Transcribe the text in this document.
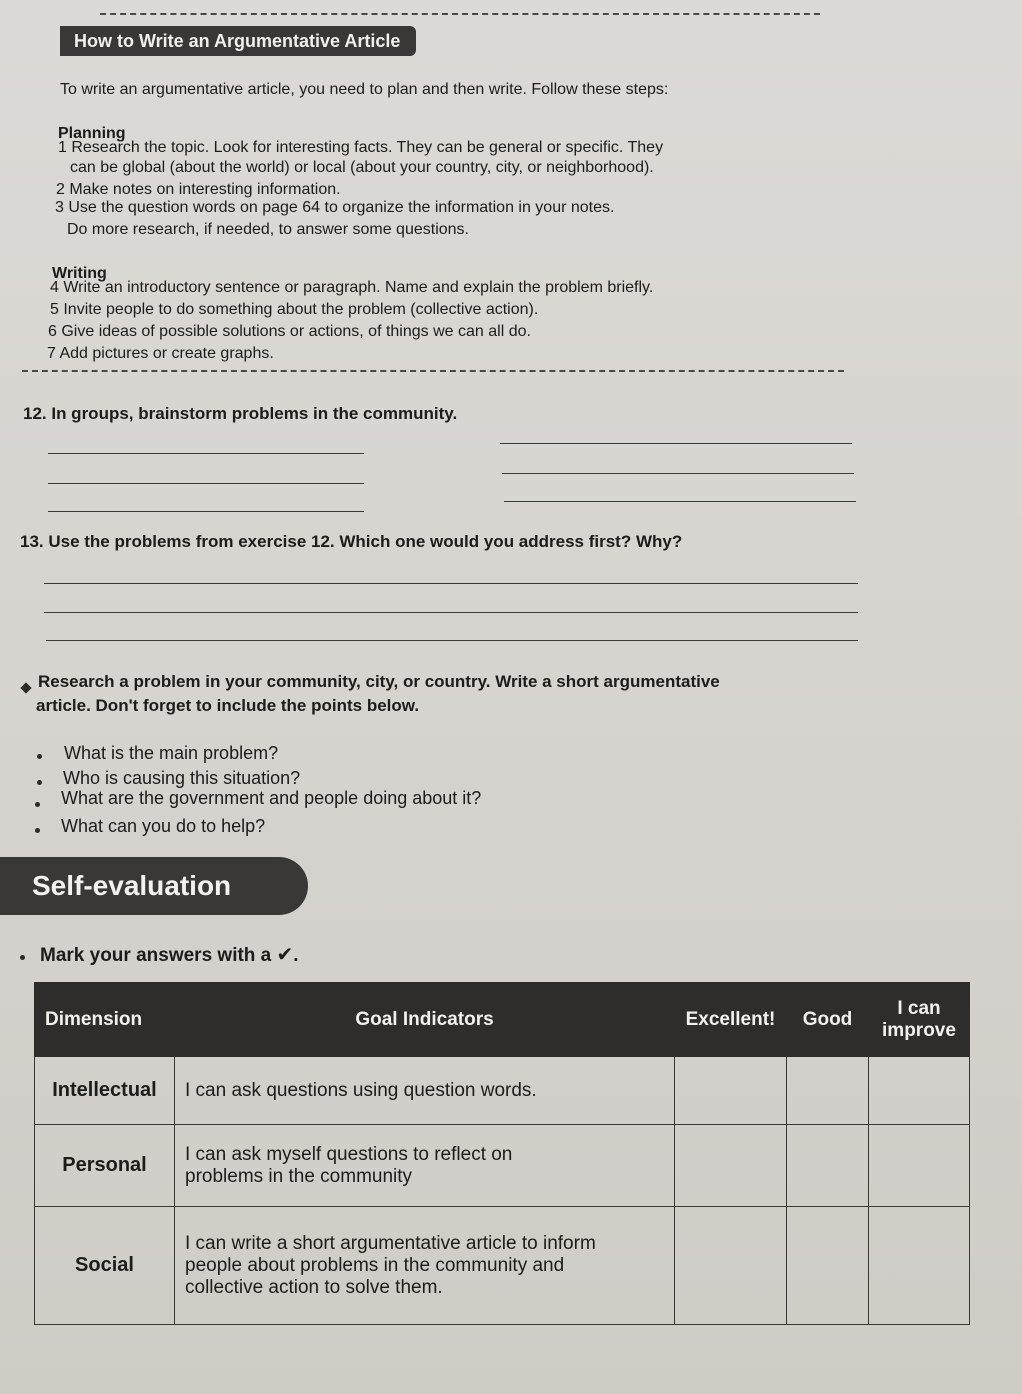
How to Write an Argumentative Article
To write an argumentative article, you need to plan and then write. Follow these steps:
Planning
1 Research the topic. Look for interesting facts. They can be general or specific. They
can be global (about the world) or local (about your country, city, or neighborhood).
2 Make notes on interesting information.
3 Use the question words on page 64 to organize the information in your notes.
Do more research, if needed, to answer some questions.
Writing
4 Write an introductory sentence or paragraph. Name and explain the problem briefly.
5 Invite people to do something about the problem (collective action).
6 Give ideas of possible solutions or actions, of things we can all do.
7 Add pictures or create graphs.
12. In groups, brainstorm problems in the community.
13. Use the problems from exercise 12. Which one would you address first? Why?
Research a problem in your community, city, or country. Write a short argumentative
article. Don't forget to include the points below.
What is the main problem?
Who is causing this situation?
What are the government and people doing about it?
What can you do to help?
Self-evaluation
Mark your answers with a ✔.
Dimension	Goal Indicators	Excellent!	Good	I can improve
Intellectual	I can ask questions using question words.			
Personal	I can ask myself questions to reflect on problems in the community			
Social	I can write a short argumentative article to inform people about problems in the community and collective action to solve them.			
